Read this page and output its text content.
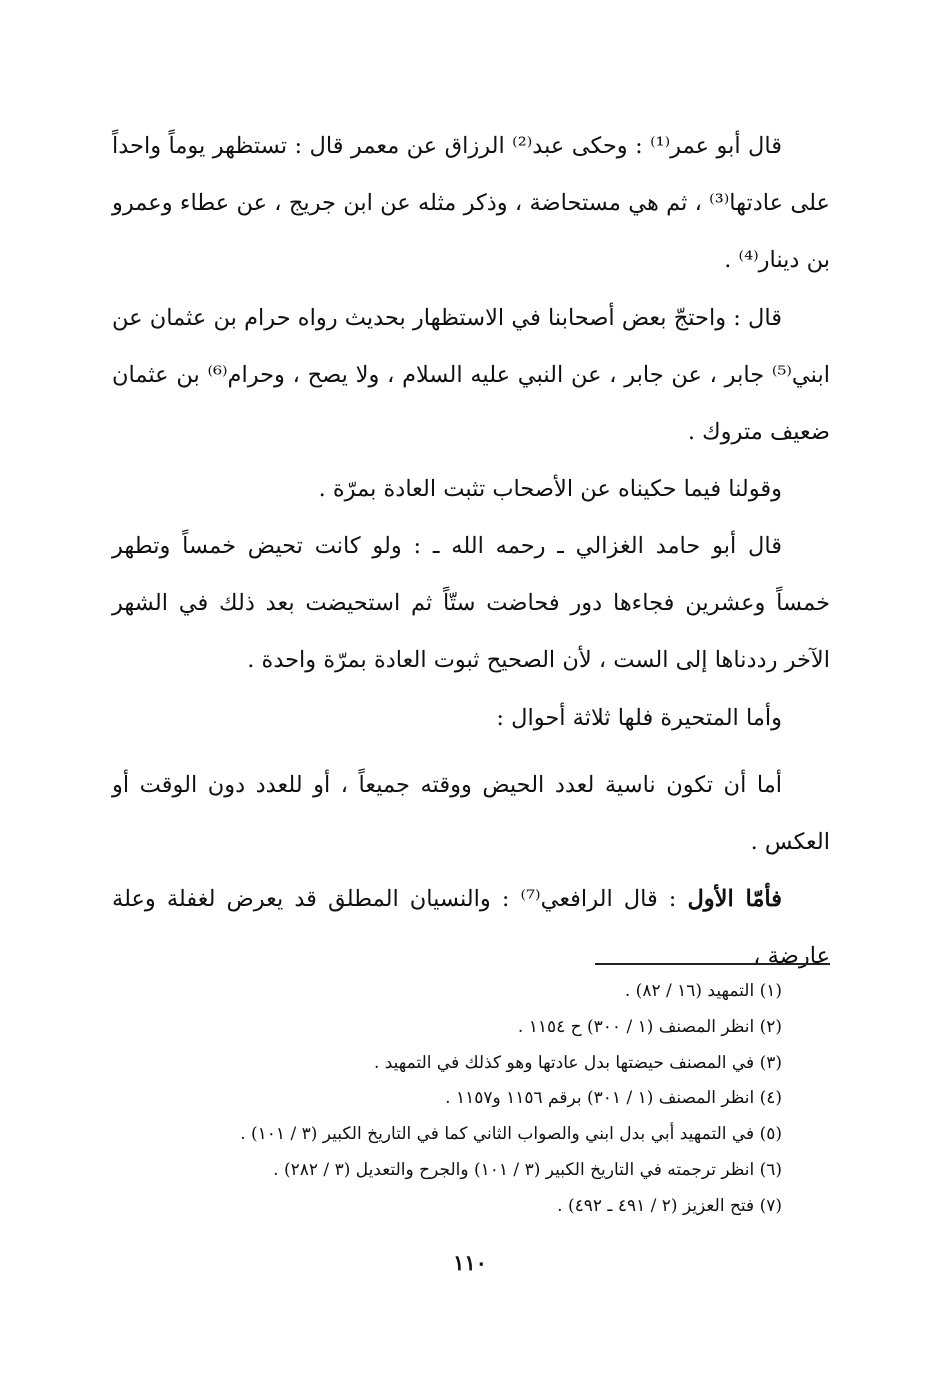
قال أبو عمر⁽¹⁾ : وحكى عبد⁽²⁾ الرزاق عن معمر قال : تستظهر يوماً واحداً على عادتها⁽³⁾ ، ثم هي مستحاضة ، وذكر مثله عن ابن جريج ، عن عطاء وعمرو بن دينار⁽⁴⁾ .

قال : واحتجّ بعض أصحابنا في الاستظهار بحديث رواه حرام بن عثمان عن ابني⁽⁵⁾ جابر ، عن جابر ، عن النبي عليه السلام ، ولا يصح ، وحرام⁽⁶⁾ بن عثمان ضعيف متروك .

وقولنا فيما حكيناه عن الأصحاب تثبت العادة بمرّة .

قال أبو حامد الغزالي ـ رحمه الله ـ : ولو كانت تحيض خمساً وتطهر خمساً وعشرين فجاءها دور فحاضت ستّاً ثم استحيضت بعد ذلك في الشهر الآخر رددناها إلى الست ، لأن الصحيح ثبوت العادة بمرّة واحدة .

وأما المتحيرة فلها ثلاثة أحوال :

أما أن تكون ناسية لعدد الحيض ووقته جميعاً ، أو للعدد دون الوقت أو العكس .

فأمّا الأول : قال الرافعي⁽⁷⁾ : والنسيان المطلق قد يعرض لغفلة وعلة عارضة ،

(١) التمهيد (١٦ / ٨٢) .
(٢) انظر المصنف (١ / ٣٠٠) ح ١١٥٤ .
(٣) في المصنف حيضتها بدل عادتها وهو كذلك في التمهيد .
(٤) انظر المصنف (١ / ٣٠١) برقم ١١٥٦ و١١٥٧ .
(٥) في التمهيد أبي بدل ابني والصواب الثاني كما في التاريخ الكبير (٣ / ١٠١) .
(٦) انظر ترجمته في التاريخ الكبير (٣ / ١٠١) والجرح والتعديل (٣ / ٢٨٢) .
(٧) فتح العزيز (٢ / ٤٩١ ـ ٤٩٢) .
١١٠
